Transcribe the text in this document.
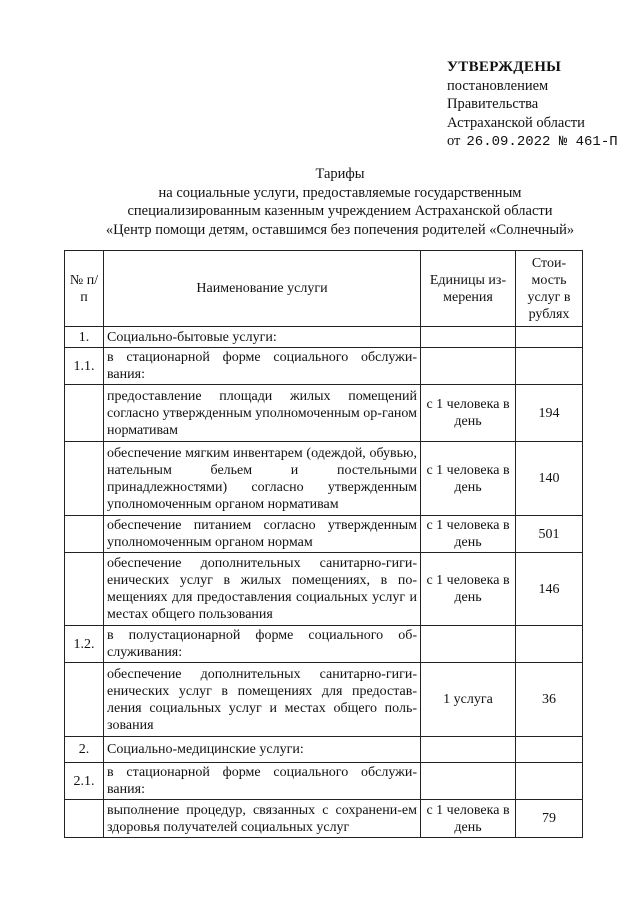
УТВЕРЖДЕНЫ
постановлением
Правительства
Астраханской области
от 26.09.2022 № 461-П
Тарифы
на социальные услуги, предоставляемые государственным
специализированным казенным учреждением Астраханской области
«Центр помощи детям, оставшимся без попечения родителей «Солнечный»
№ п/п	Наименование услуги	Единицы из-мерения	Стои-мость услуг в рублях
1.	Социально-бытовые услуги:		
1.1.	в стационарной форме социального обслужи-вания:		
	предоставление площади жилых помещений согласно утвержденным уполномоченным ор-ганом нормативам	с 1 человека в день	194
	обеспечение мягким инвентарем (одеждой, обувью, нательным бельем и постельными принадлежностями) согласно утвержденным уполномоченным органом нормативам	с 1 человека в день	140
	обеспечение питанием согласно утвержденным уполномоченным органом нормам	с 1 человека в день	501
	обеспечение дополнительных санитарно-гиги-енических услуг в жилых помещениях, в по-мещениях для предоставления социальных услуг и местах общего пользования	с 1 человека в день	146
1.2.	в полустационарной форме социального об-служивания:		
	обеспечение дополнительных санитарно-гиги-енических услуг в помещениях для предостав-ления социальных услуг и местах общего поль-зования	1 услуга	36
2.	Социально-медицинские услуги:		
2.1.	в стационарной форме социального обслужи-вания:		
	выполнение процедур, связанных с сохранени-ем здоровья получателей социальных услуг	с 1 человека в день	79
